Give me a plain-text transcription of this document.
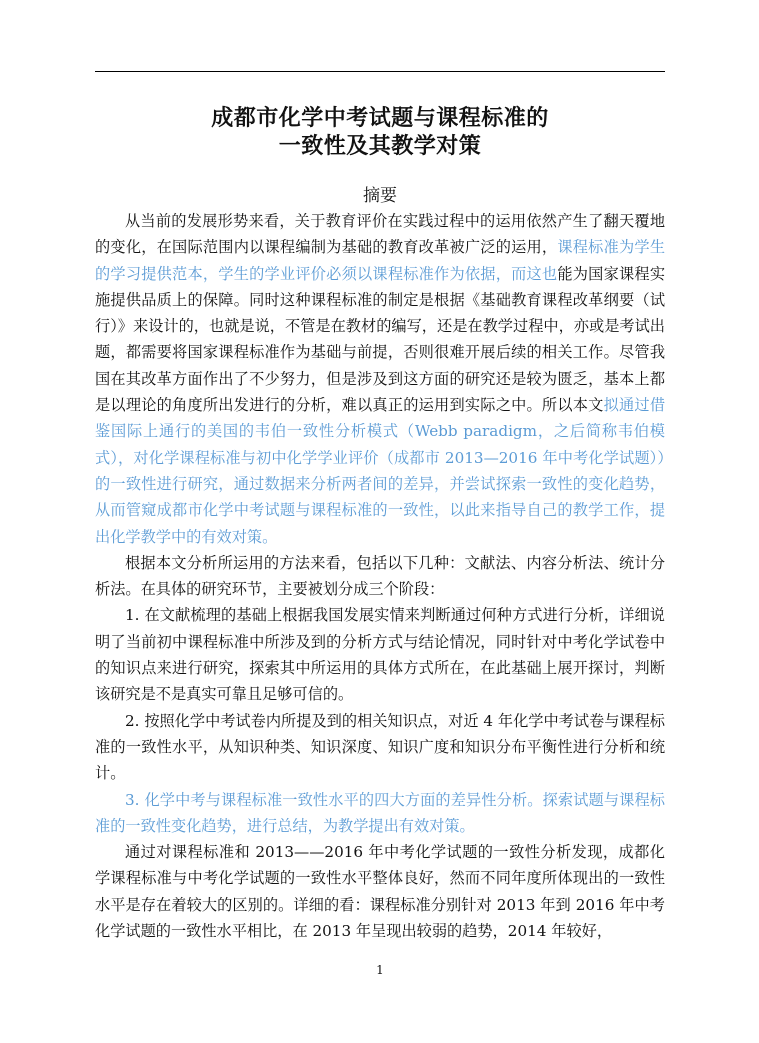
成都市化学中考试题与课程标准的
一致性及其教学对策
摘要

从当前的发展形势来看，关于教育评价在实践过程中的运用依然产生了翻天覆地的变化，在国际范围内以课程编制为基础的教育改革被广泛的运用，课程标准为学生的学习提供范本，学生的学业评价必须以课程标准作为依据，而这也能为国家课程实施提供品质上的保障。同时这种课程标准的制定是根据《基础教育课程改革纲要（试行）》来设计的，也就是说，不管是在教材的编写，还是在教学过程中，亦或是考试出题，都需要将国家课程标准作为基础与前提，否则很难开展后续的相关工作。尽管我国在其改革方面作出了不少努力，但是涉及到这方面的研究还是较为匮乏，基本上都是以理论的角度所出发进行的分析，难以真正的运用到实际之中。所以本文拟通过借鉴国际上通行的美国的韦伯一致性分析模式（Webb paradigm，之后简称韦伯模式），对化学课程标准与初中化学学业评价（成都市 2013—2016 年中考化学试题））的一致性进行研究，通过数据来分析两者间的差异，并尝试探索一致性的变化趋势，从而管窥成都市化学中考试题与课程标准的一致性，以此来指导自己的教学工作，提出化学教学中的有效对策。

根据本文分析所运用的方法来看，包括以下几种：文献法、内容分析法、统计分析法。在具体的研究环节，主要被划分成三个阶段：

1. 在文献梳理的基础上根据我国发展实情来判断通过何种方式进行分析，详细说明了当前初中课程标准中所涉及到的分析方式与结论情况，同时针对中考化学试卷中的知识点来进行研究，探索其中所运用的具体方式所在，在此基础上展开探讨，判断该研究是不是真实可靠且足够可信的。

2. 按照化学中考试卷内所提及到的相关知识点，对近 4 年化学中考试卷与课程标准的一致性水平，从知识种类、知识深度、知识广度和知识分布平衡性进行分析和统计。

3. 化学中考与课程标准一致性水平的四大方面的差异性分析。探索试题与课程标准的一致性变化趋势，进行总结，为教学提出有效对策。

通过对课程标准和 2013——2016 年中考化学试题的一致性分析发现，成都化学课程标准与中考化学试题的一致性水平整体良好，然而不同年度所体现出的一致性水平是存在着较大的区别的。详细的看：课程标准分别针对 2013 年到 2016 年中考化学试题的一致性水平相比，在 2013 年呈现出较弱的趋势，2014 年较好，

1
